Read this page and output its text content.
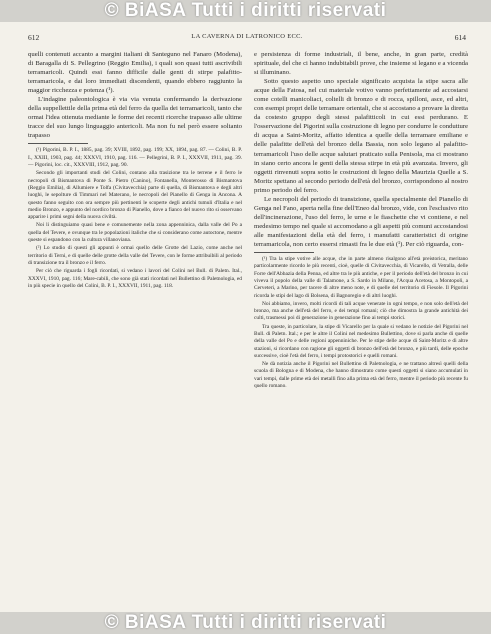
© BiASA Tutti i diritti riservati
612	LA CAVERNA DI LATRONICO ECC.	614

quelli contenuti accanto a margini italiani di Santeguno nel Fanaro (Modena), di Baragalla di S. Pellegrino (Reggio Emilia), i quali son quasi tutti ascrivibili terramaricoli. Quindi essi fanno difficile dalle genti di stirpe palafitto-terramaricola, e dai loro immediati discendenti, quando ebbero raggiunto la maggior ricchezza e potenza (¹).

L'indagine paleontologica è via via venuta confermando la derivazione della suppellettile della prima età del ferro da quella dei terramaricoli, tanto che ormai l'idea ottenuta mediante le forme dei recenti ricerche trapasso alle ultime tracce del suo lungo linguaggio antericoli. Ma non fu nel però essere soltanto trapasso

(¹) Pigorini, B. P. I., 1885, pag. 39; XVIII, 1892, pag. 199; XX, 1894, pag. 87. — Colini, B. P. I., XXIII, 1903, pag. 44; XXXVI, 1910, pag. 116. — Pellegrini, B. P. I., XXXVII, 1911, pag. 39. — Pigorini, loc. cit., XXXVIII, 1912, pag. 90.

Secondo gli importanti studi del Colini, contano alla trasizione tra le terrene e il ferro le necropoli di Bismantova di Ponte S. Pietro (Canino), Fontanella, Monterosso di Bismantova (Reggio Emilia), di Allumiere e Tolfa (Civitavecchia) parte di quella, di Bismantova e degli altri luoghi, le sepolture di Timmari nel Materano, le necropoli del Pianello di Genga in Ancona. A questo fanno seguito con ora sempre più pertinenti le scoperte degli antichi tumuli d'Italia e nel medio Bronzo, e appunto del nordico bronzo di Pianello, dove a fianco del nuovo rito si osservano apparire i primi segni della nuova civiltà.

Noi li distinguiamo quasi bene e comunemente nella zona appenninica, dalla valle del Po a quella del Tevere, e ovunque tra le popolazioni italiche che si considerano come autoctone, mentre queste si espandono con la cultura villanoviana.

(²) Lo studio di questi gli appunti è ormai quello delle Grotte del Lazio, come anche nel territorio di Terni, e di quelle delle grotte della valle del Tevere, con le forme attribuibili al periodo di transizione tra il bronzo e il ferro.

Per ciò che riguarda i fogli ricordati, si vedano i lavori del Colini nel Bull. di Paletn. Ital., XXXVI, 1910, pag. 116; Mare-cabili, che sono già stati ricordati nel Bullettino di Paletnologia, ed in più specie in quello del Colini, B. P. I., XXXVII, 1911, pag. 118.

e persistenza di forme industriali, il bene, anche, in gran parte, credità spirituale, del che ci hanno indubitabili prove, che insieme si legano e a vicenda si illuminano.

Sotto questo aspetto uno speciale significato acquista la stipe sacra alle acque della Fatosa, nel cui materiale votivo vanno perfettamente ad accostarsi come cotelli manicoliaci, coltelli di bronzo e di rocca, spilloni, asce, ed altri, con esempi propri delle terramare orientali, che si accostano a provare la diretta da costesto gruppo degli stessi palafitticoli in cui essi perdurano. E l'osservazione del Pigorini sulla costruzione di legno per condurre le condutture di acqua a Saint-Moritz, affatto identica a quelle della terramare emiliane e delle palafitte dell'età del bronzo della Bassia, non solo legano al palafitto-terramaricoli l'uso delle acque salutari praticato sulla Penisola, ma ci mostrano in siano certo ancora le genti della stessa stirpe in età più avanzata. Invero, gli oggetti rinvenuti sopra sotto le costruzioni di legno della Maurizia Quelle a S. Moritz spettano al secondo periodo dell'età del bronzo, corrispondono al nostro primo periodo del ferro.

Le necropoli del periodo di transizione, quella specialmente del Pianello di Genga nel Fano, aperta nella fine dell'Eneo dal bronzo, vide, con l'esclusivo rito dell'incinerazione, l'uso del ferro, le urne e le fiaschette che vi contiene, e nel medesimo tempo nel quale si accomodano a gli aspetti più comuni accostandosi alle manifestazioni della età del ferro, i manufatti caratteristici di origine terramaricola, non certo essersi rimasti fra le due età (¹). Per ciò riguarda, con-

(¹) Tra la stipe votive alle acque, che in parte almeno risalgono all'età preistorica, meritano particolarmente ricordo le più recenti, cioè, quelle di Civitavecchia, di Vicarello, di Vetralla, delle Forre dell'Abbazia della Penna, ed altre tra le più antiche, e per il periodo dell'età del bronzo in cui viveva il popolo della valle di Talamone, a S. Sardo in Milano, l'Acqua Acetosa, a Montopoli, a Cerveteri, a Marino, per tacere di altre meno note, e di quelle del territorio di Fiesole. Il Pigorini ricorda le stipi del lago di Bolsena, di Bagnoregio e di altri luoghi.

Noi abbiamo, invero, molti ricordi di tali acque venerate in ogni tempo, e non solo dell'età del bronzo, ma anche dell'età del ferro, e dei tempi romani; ciò che dimostra la grande antichità dei culti, trasmessi poi di generazione in generazione fino ai tempi storici.

Tra queste, in particolare, la stipe di Vicarello per la quale si vedano le notizie del Pigorini nel Bull. di Paletn. Ital.; e per le altre il Colini nel medesimo Bullettino, dove si parla anche di quelle della valle del Po e delle regioni appenniniche. Per le stipe delle acque di Saint-Moritz e di altre stazioni, si ricordano con ragione gli oggetti di bronzo dell'età del bronzo, e più tardi, delle epoche successive, cioè l'età del ferro, i tempi protostorici e quelli romani.

Ne dà notizia anche il Pigorini nel Bullettino di Paletnologia, e ne trattano altresì quelli della scuola di Bologna e di Modena, che hanno dimostrato come questi oggetti si siano accumulati in vari tempi, dalle prime età dei metalli fino alla prima età del ferro, mentre il periodo più recente fu quello romano.

© BiASA Tutti i diritti riservati
